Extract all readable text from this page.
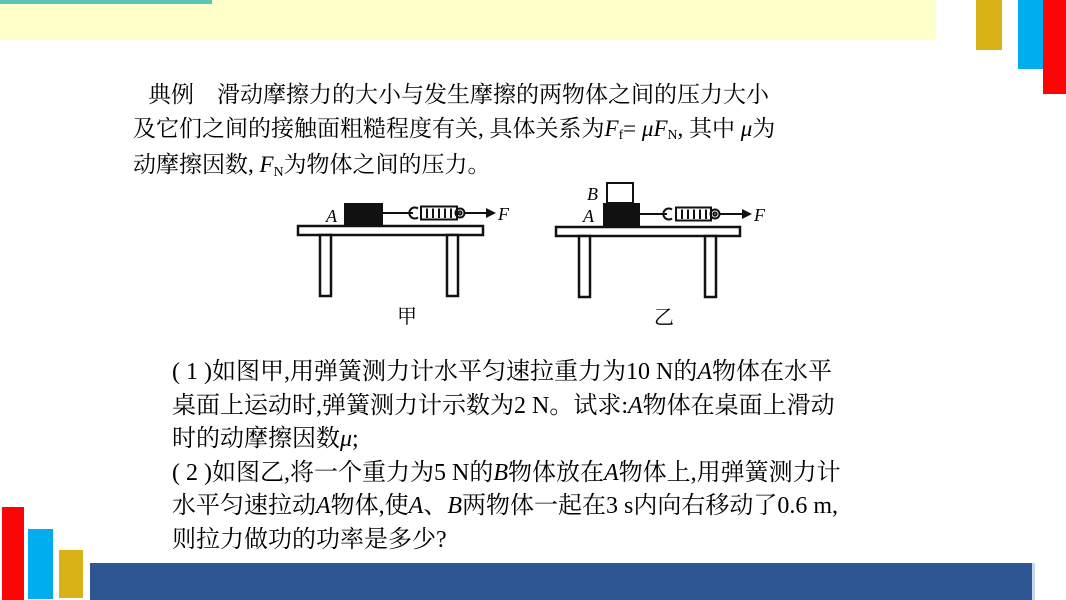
典例　滑动摩擦力的大小与发生摩擦的两物体之间的压力大小
及它们之间的接触面粗糙程度有关, 具体关系为Ff= μFN, 其中 μ为
动摩擦因数, FN为物体之间的压力。
A	F
甲
B
A	F
乙
( 1 )如图甲,用弹簧测力计水平匀速拉重力为10 N的A物体在水平
桌面上运动时,弹簧测力计示数为2 N。试求:A物体在桌面上滑动
时的动摩擦因数μ;
( 2 )如图乙,将一个重力为5 N的B物体放在A物体上,用弹簧测力计
水平匀速拉动A物体,使A、B两物体一起在3 s内向右移动了0.6 m,
则拉力做功的功率是多少?
